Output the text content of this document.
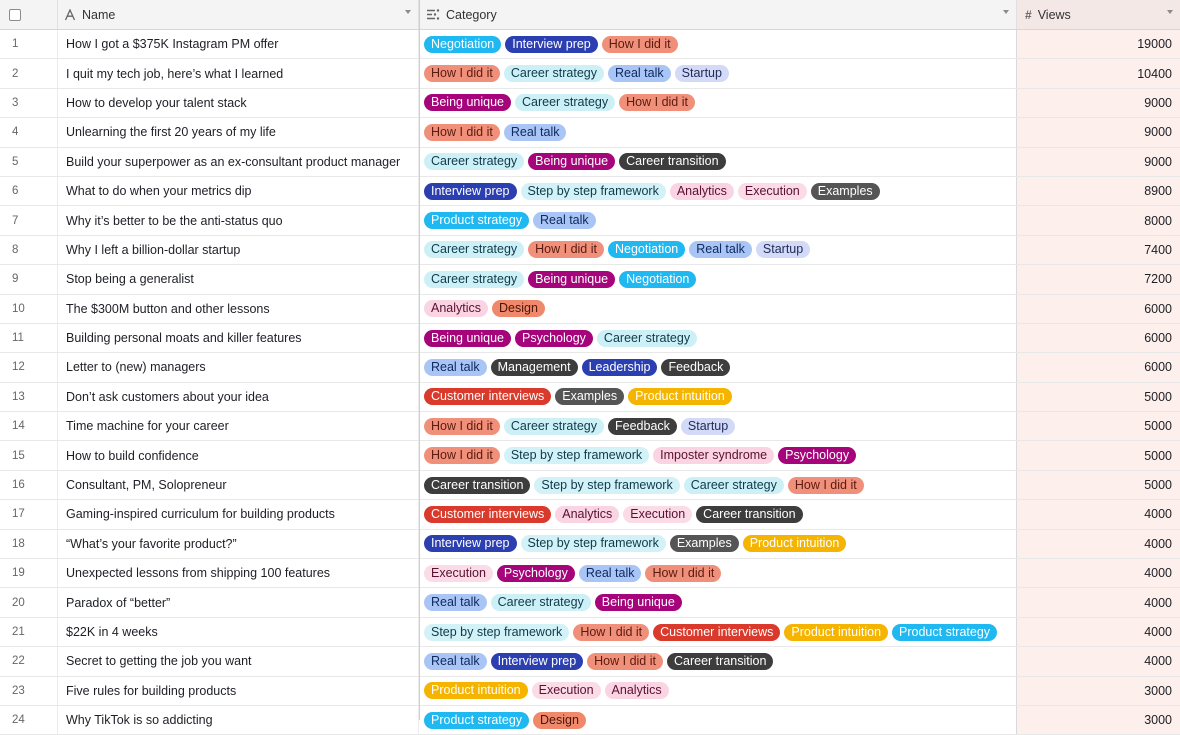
Name	Category	# Views
1	How I got a $375K Instagram PM offer	Negotiation	Interview prep	How I did it	19000
2	I quit my tech job, here’s what I learned	How I did it	Career strategy	Real talk	Startup	10400
3	How to develop your talent stack	Being unique	Career strategy	How I did it	9000
4	Unlearning the first 20 years of my life	How I did it	Real talk	9000
5	Build your superpower as an ex-consultant product manager	Career strategy	Being unique	Career transition	9000
6	What to do when your metrics dip	Interview prep	Step by step framework	Analytics	Execution	Examples	8900
7	Why it’s better to be the anti-status quo	Product strategy	Real talk	8000
8	Why I left a billion-dollar startup	Career strategy	How I did it	Negotiation	Real talk	Startup	7400
9	Stop being a generalist	Career strategy	Being unique	Negotiation	7200
10	The $300M button and other lessons	Analytics	Design	6000
11	Building personal moats and killer features	Being unique	Psychology	Career strategy	6000
12	Letter to (new) managers	Real talk	Management	Leadership	Feedback	6000
13	Don’t ask customers about your idea	Customer interviews	Examples	Product intuition	5000
14	Time machine for your career	How I did it	Career strategy	Feedback	Startup	5000
15	How to build confidence	How I did it	Step by step framework	Imposter syndrome	Psychology	5000
16	Consultant, PM, Solopreneur	Career transition	Step by step framework	Career strategy	How I did it	5000
17	Gaming-inspired curriculum for building products	Customer interviews	Analytics	Execution	Career transition	4000
18	“What’s your favorite product?”	Interview prep	Step by step framework	Examples	Product intuition	4000
19	Unexpected lessons from shipping 100 features	Execution	Psychology	Real talk	How I did it	4000
20	Paradox of “better”	Real talk	Career strategy	Being unique	4000
21	$22K in 4 weeks	Step by step framework	How I did it	Customer interviews	Product intuition	Product strategy	4000
22	Secret to getting the job you want	Real talk	Interview prep	How I did it	Career transition	4000
23	Five rules for building products	Product intuition	Execution	Analytics	3000
24	Why TikTok is so addicting	Product strategy	Design	3000
